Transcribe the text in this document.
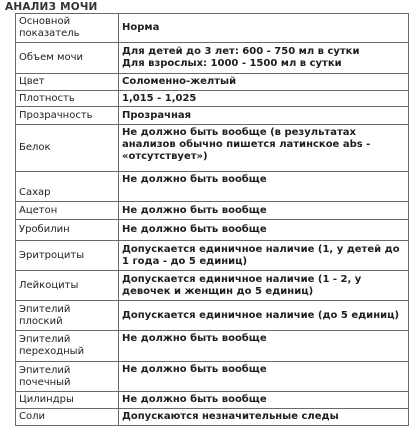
АНАЛИЗ МОЧИ
Основной показатель	Норма
Объем мочи	Для детей до 3 лет: 600 - 750 мл в сутки
Для взрослых: 1000 - 1500 мл в сутки

Цвет	Соломенно-желтый
Плотность	1,015 - 1,025
Прозрачность	Прозрачная
Белок	Не должно быть вообще (в результатах анализов обычно пишется латинское abs - «отсутствует»)
Сахар	Не должно быть вообще
Ацетон	Не должно быть вообще
Уробилин	Не должно быть вообще
Эритроциты	Допускается единичное наличие (1, у детей до 1 года - до 5 единиц)
Лейкоциты	Допускается единичное наличие (1 - 2, у девочек и женщин до 5 единиц)
Эпителий плоский	Допускается единичное наличие (до 5 единиц)
Эпителий переходный	Не должно быть вообще
Эпителий почечный	Не должно быть вообще
Цилиндры	Не должно быть вообще
Соли	Допускаются незначительные следы
